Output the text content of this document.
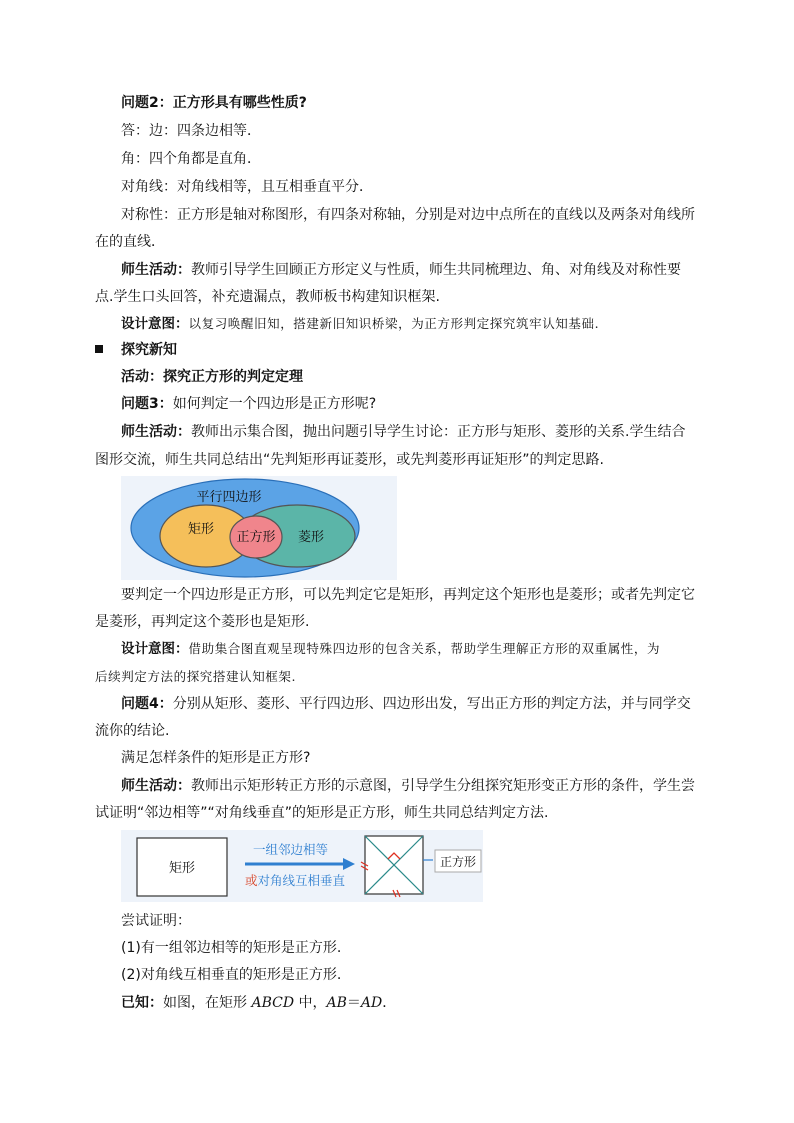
问题2：正方形具有哪些性质?
答：边：四条边相等．
角：四个角都是直角．
对角线：对角线相等，且互相垂直平分．
对称性：正方形是轴对称图形，有四条对称轴，分别是对边中点所在的直线以及两条对角线所
在的直线．
师生活动：教师引导学生回顾正方形定义与性质，师生共同梳理边、角、对角线及对称性要
点.学生口头回答，补充遗漏点，教师板书构建知识框架.
设计意图：以复习唤醒旧知，搭建新旧知识桥梁，为正方形判定探究筑牢认知基础.
探究新知
活动：探究正方形的判定定理
问题3：如何判定一个四边形是正方形呢?
师生活动：教师出示集合图，抛出问题引导学生讨论：正方形与矩形、菱形的关系.学生结合
图形交流，师生共同总结出“先判矩形再证菱形，或先判菱形再证矩形”的判定思路.
平行四边形
矩形
正方形 菱形
要判定一个四边形是正方形，可以先判定它是矩形，再判定这个矩形也是菱形；或者先判定它
是菱形，再判定这个菱形也是矩形.
设计意图：借助集合图直观呈现特殊四边形的包含关系，帮助学生理解正方形的双重属性，为
后续判定方法的探究搭建认知框架.
问题4：分别从矩形、菱形、平行四边形、四边形出发，写出正方形的判定方法，并与同学交
流你的结论.
满足怎样条件的矩形是正方形?
师生活动：教师出示矩形转正方形的示意图，引导学生分组探究矩形变正方形的条件，学生尝
试证明“邻边相等”“对角线垂直”的矩形是正方形，师生共同总结判定方法.
矩形
一组邻边相等
或对角线互相垂直
正方形
尝试证明：
(1)有一组邻边相等的矩形是正方形.
(2)对角线互相垂直的矩形是正方形.
已知：如图，在矩形 ABCD 中，AB＝AD．
